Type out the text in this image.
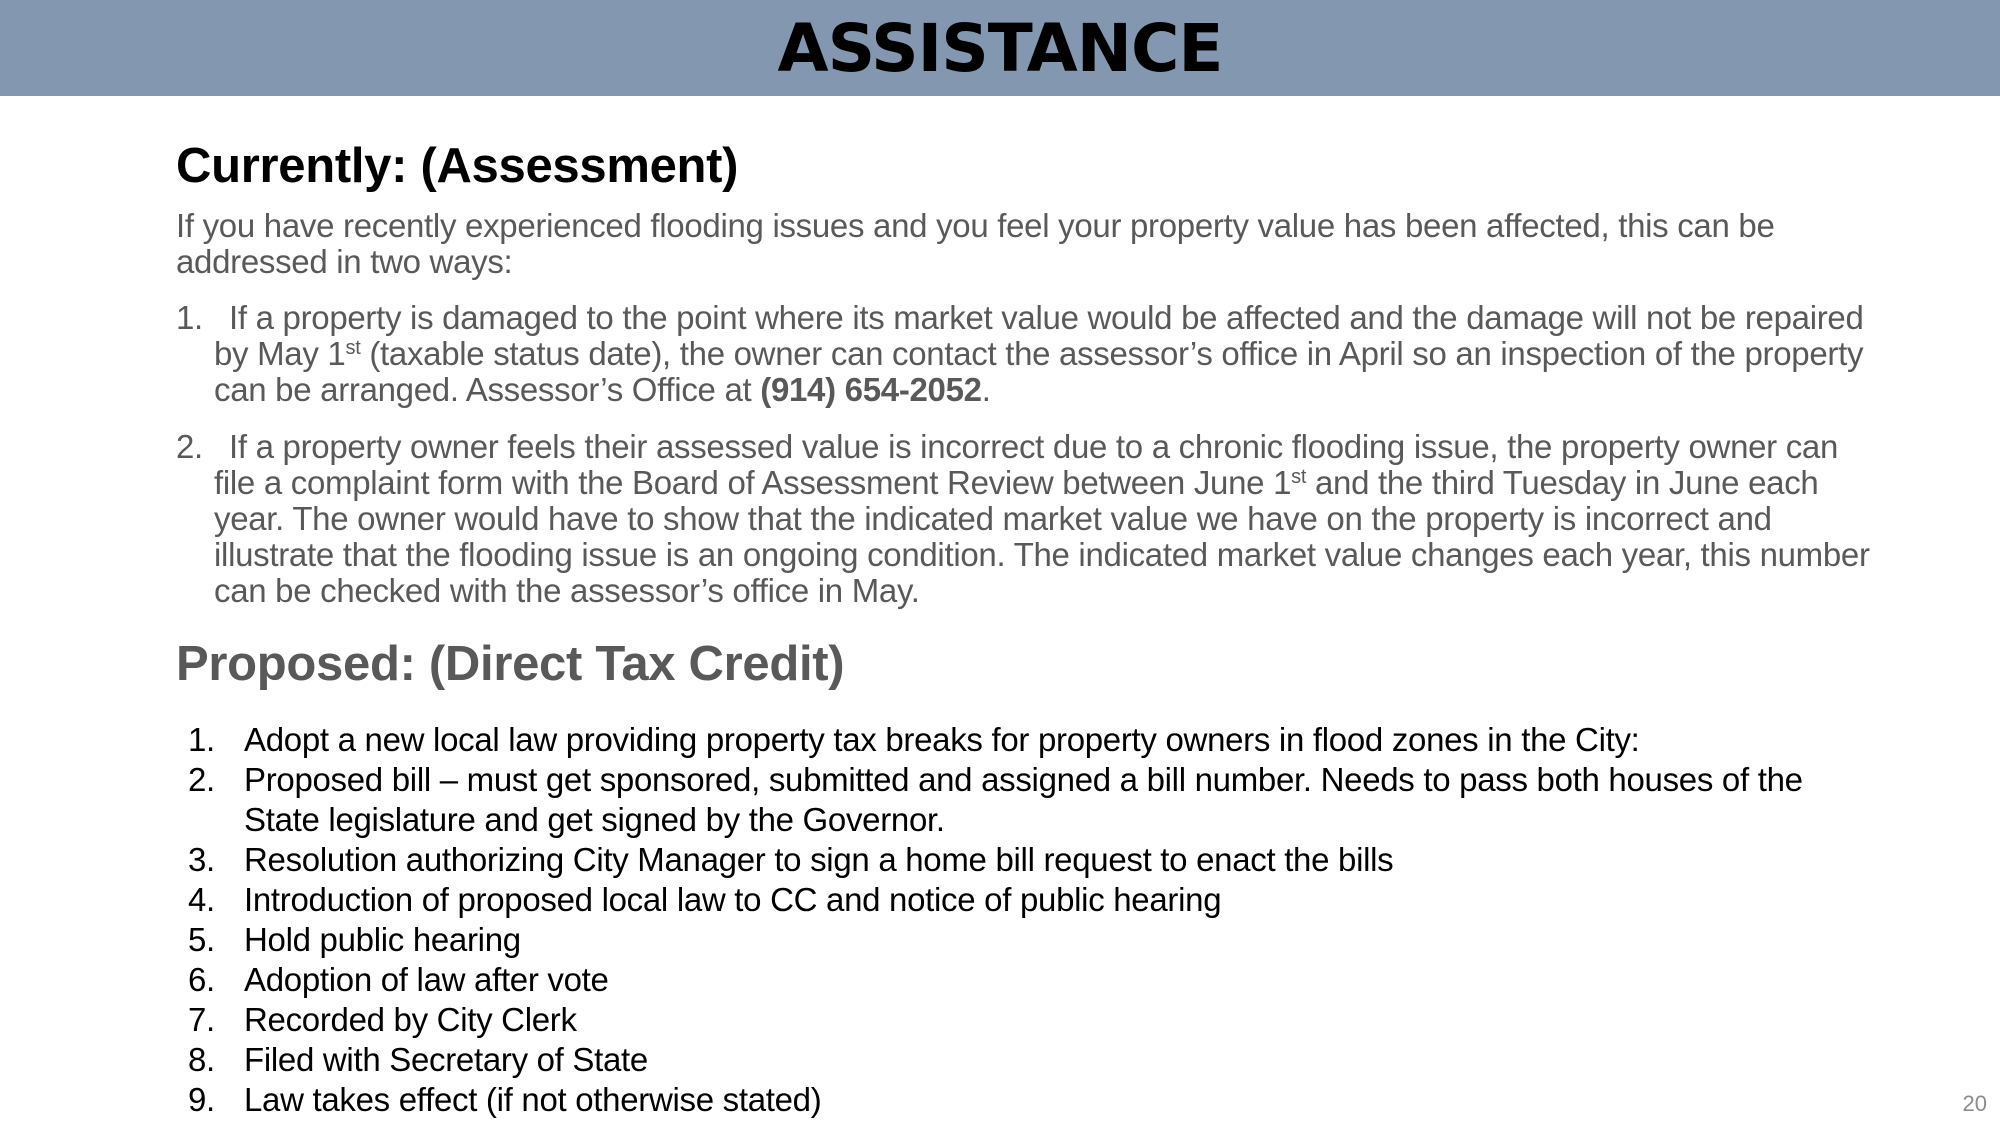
ASSISTANCE
Currently: (Assessment)

If you have recently experienced flooding issues and you feel your property value has been affected, this can be addressed in two ways:

1. If a property is damaged to the point where its market value would be affected and the damage will not be repaired by May 1st (taxable status date), the owner can contact the assessor’s office in April so an inspection of the property can be arranged. Assessor’s Office at (914) 654-2052.
2. If a property owner feels their assessed value is incorrect due to a chronic flooding issue, the property owner can file a complaint form with the Board of Assessment Review between June 1st and the third Tuesday in June each year. The owner would have to show that the indicated market value we have on the property is incorrect and illustrate that the flooding issue is an ongoing condition. The indicated market value changes each year, this number can be checked with the assessor’s office in May.
Proposed: (Direct Tax Credit)
1. Adopt a new local law providing property tax breaks for property owners in flood zones in the City:
2. Proposed bill – must get sponsored, submitted and assigned a bill number. Needs to pass both houses of the State legislature and get signed by the Governor.
3. Resolution authorizing City Manager to sign a home bill request to enact the bills
4. Introduction of proposed local law to CC and notice of public hearing
5. Hold public hearing
6. Adoption of law after vote
7. Recorded by City Clerk
8. Filed with Secretary of State
9. Law takes effect (if not otherwise stated)	20
